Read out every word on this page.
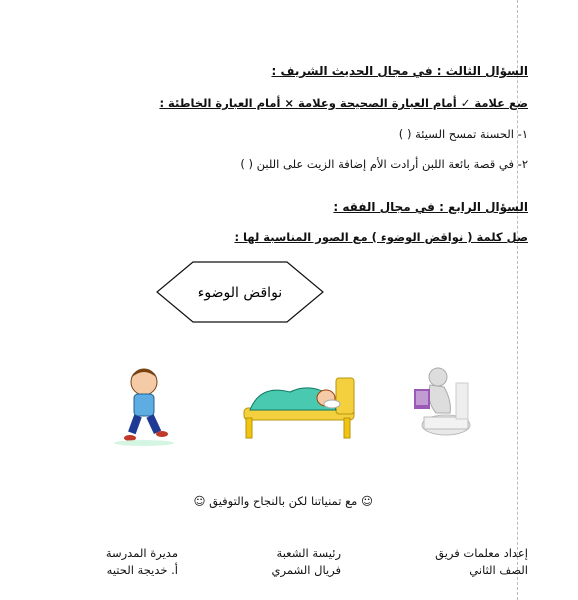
السؤال الثالث : في مجال الحديث الشريف :
ضع علامة ✓ أمام العبارة الصحيحة وعلامة × أمام العبارة الخاطئة :
١- الحسنة تمسح السيئة ( )
٢- في قصة بائعة اللبن أرادت الأم إضافة الزيت على اللبن ( )
السؤال الرابع : في مجال الفقه :
صل كلمة ( نواقض الوضوء ) مع الصور المناسبة لها :
نواقض الوضوء
☺ مع تمنياتنا لكن بالنجاح والتوفيق ☺
إعداد معلمات فريق
الصف الثاني
رئيسة الشعبة
فريال الشمري
مديرة المدرسة
أ. خديجة الحتيه
